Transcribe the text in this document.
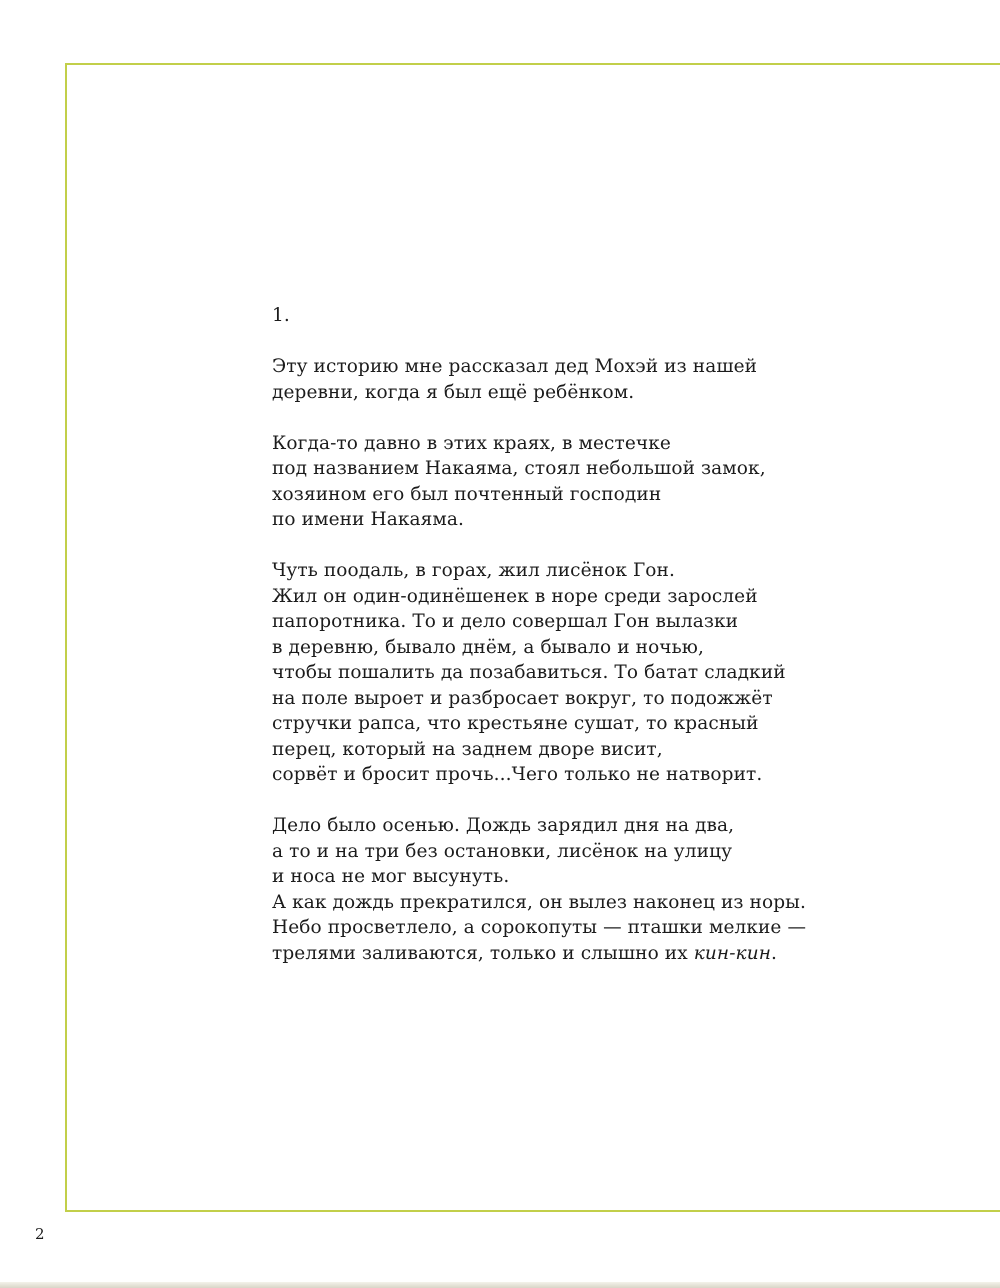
1.

Эту историю мне рассказал дед Мохэй из нашей
деревни, когда я был ещё ребёнком.

Когда-то давно в этих краях, в местечке
под названием Накаяма, стоял небольшой замок,
хозяином его был почтенный господин
по имени Накаяма.

Чуть поодаль, в горах, жил лисёнок Гон.
Жил он один-одинёшенек в норе среди зарослей
папоротника. То и дело совершал Гон вылазки
в деревню, бывало днём, а бывало и ночью,
чтобы пошалить да позабавиться. То батат сладкий
на поле выроет и разбросает вокруг, то подожжёт
стручки рапса, что крестьяне сушат, то красный
перец, который на заднем дворе висит,
сорвёт и бросит прочь...Чего только не натворит.

Дело было осенью. Дождь зарядил дня на два,
а то и на три без остановки, лисёнок на улицу
и носа не мог высунуть.
А как дождь прекратился, он вылез наконец из норы.
Небо просветлело, а сорокопуты — пташки мелкие —
трелями заливаются, только и слышно их кин-кин.

2
